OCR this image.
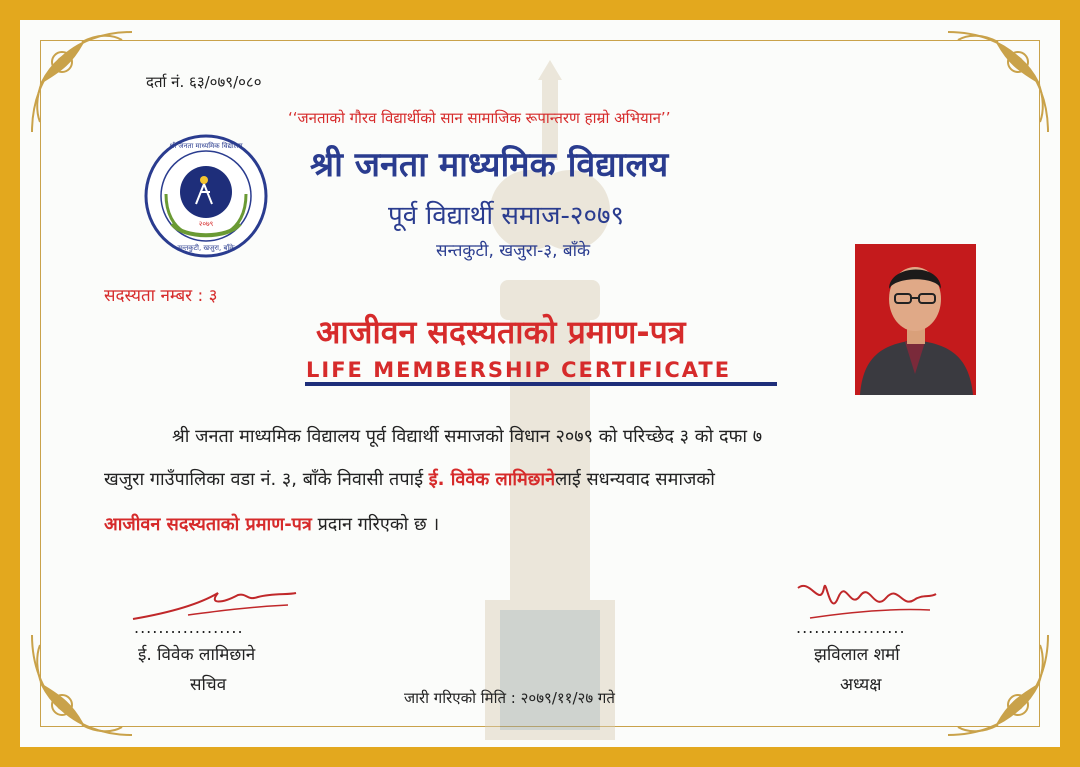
दर्ता नं. ६३/०७९/०८०
‘‘जनताको गौरव विद्यार्थीको सान सामाजिक रूपान्तरण हाम्रो अभियान’’
२०७९
श्री जनता माध्यमिक विद्यालय
पूर्व विद्यार्थी समाज
सन्तकुटी, खजुरा, बाँके
श्री जनता माध्यमिक विद्यालय
पूर्व विद्यार्थी समाज-२०७९
सन्तकुटी, खजुरा-३, बाँके
सदस्यता नम्बर : ३
आजीवन सदस्यताको प्रमाण-पत्र
LIFE MEMBERSHIP CERTIFICATE
श्री जनता माध्यमिक विद्यालय पूर्व विद्यार्थी समाजको विधान २०७९ को परिच्छेद ३ को दफा ७
खजुरा गाउँपालिका वडा नं. ३, बाँके निवासी तपाई ई. विवेक लामिछानेलाई सधन्यवाद समाजको
आजीवन सदस्यताको प्रमाण-पत्र प्रदान गरिएको छ ।
..................	..................
ई. विवेक लामिछाने
सचिव
झविलाल शर्मा
अध्यक्ष
जारी गरिएको मिति : २०७९/११/२७ गते
